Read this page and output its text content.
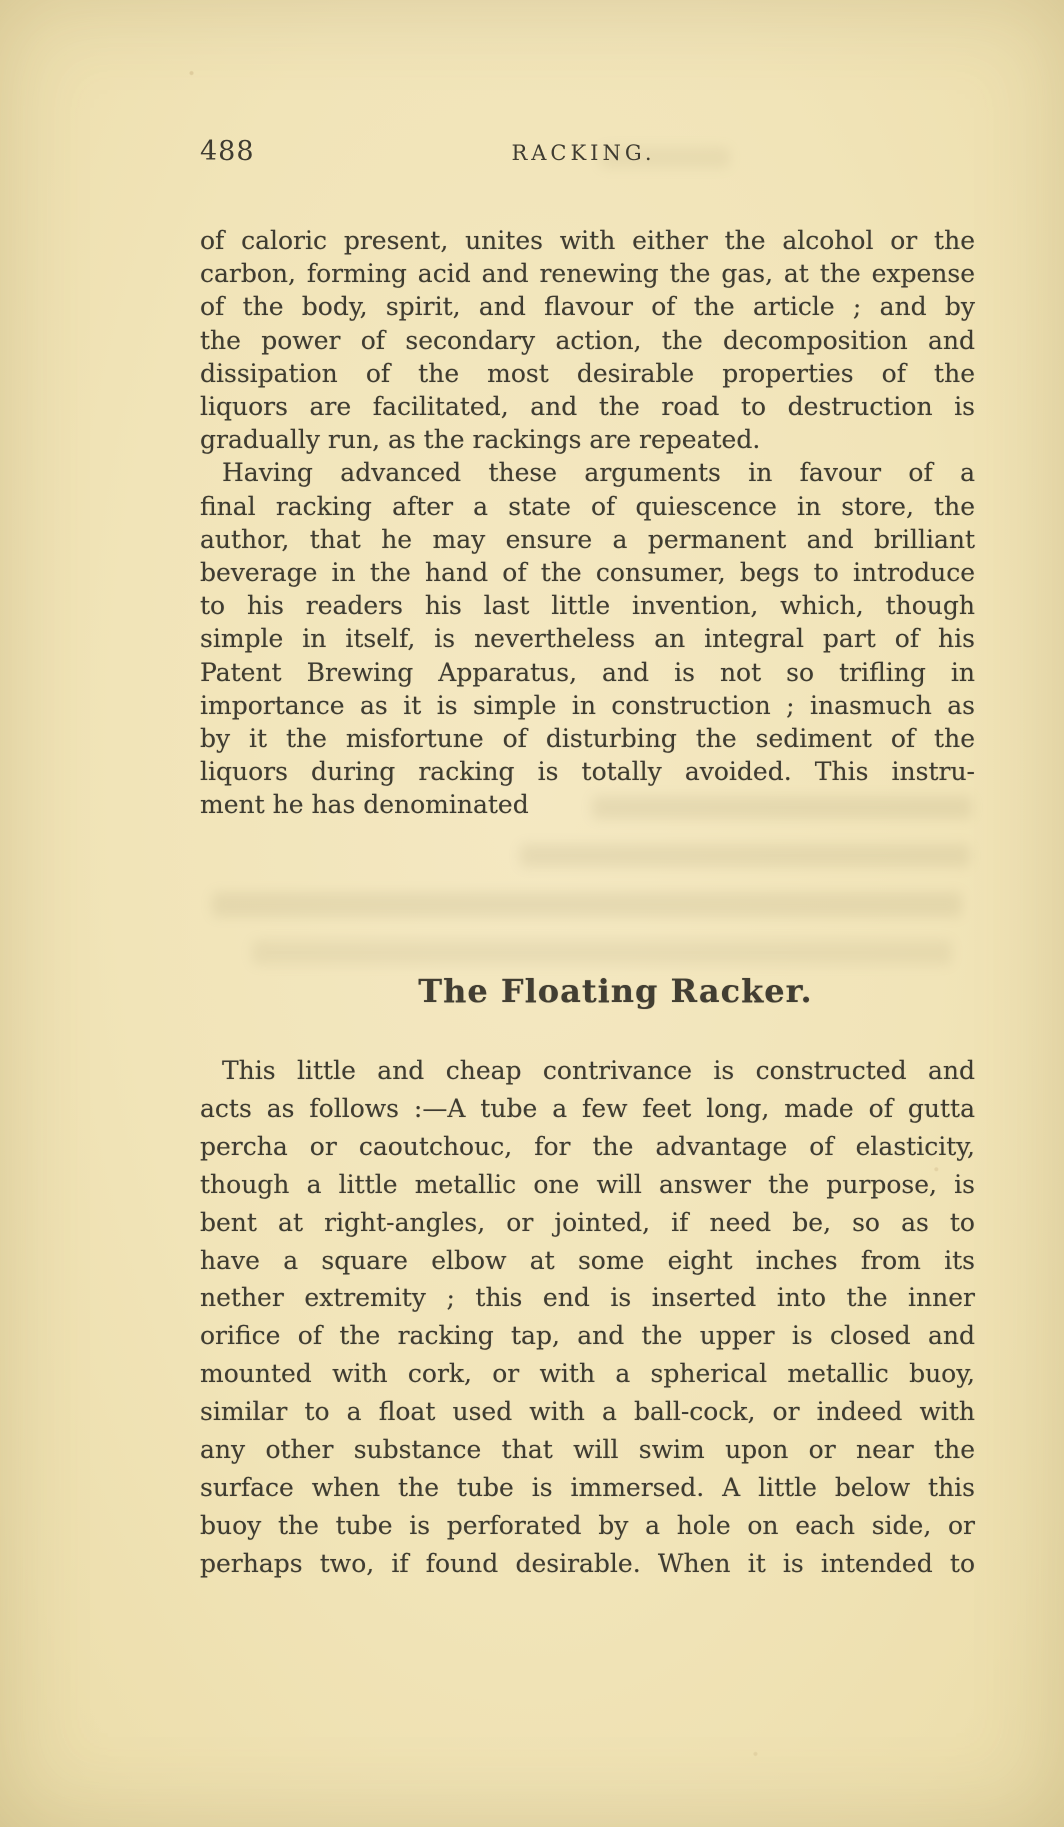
488	RACKING.
of caloric present, unites with either the alcohol or the
carbon, forming acid and renewing the gas, at the expense
of the body, spirit, and flavour of the article ; and by
the power of secondary action, the decomposition and
dissipation of the most desirable properties of the
liquors are facilitated, and the road to destruction is
gradually run, as the rackings are repeated.
Having advanced these arguments in favour of a
final racking after a state of quiescence in store, the
author, that he may ensure a permanent and brilliant
beverage in the hand of the consumer, begs to introduce
to his readers his last little invention, which, though
simple in itself, is nevertheless an integral part of his
Patent Brewing Apparatus, and is not so trifling in
importance as it is simple in construction ; inasmuch as
by it the misfortune of disturbing the sediment of the
liquors during racking is totally avoided. This instru-
ment he has denominated
The Floating Racker.
This little and cheap contrivance is constructed and
acts as follows :—A tube a few feet long, made of gutta
percha or caoutchouc, for the advantage of elasticity,
though a little metallic one will answer the purpose, is
bent at right-angles, or jointed, if need be, so as to
have a square elbow at some eight inches from its
nether extremity ; this end is inserted into the inner
orifice of the racking tap, and the upper is closed and
mounted with cork, or with a spherical metallic buoy,
similar to a float used with a ball-cock, or indeed with
any other substance that will swim upon or near the
surface when the tube is immersed. A little below this
buoy the tube is perforated by a hole on each side, or
perhaps two, if found desirable. When it is intended to
